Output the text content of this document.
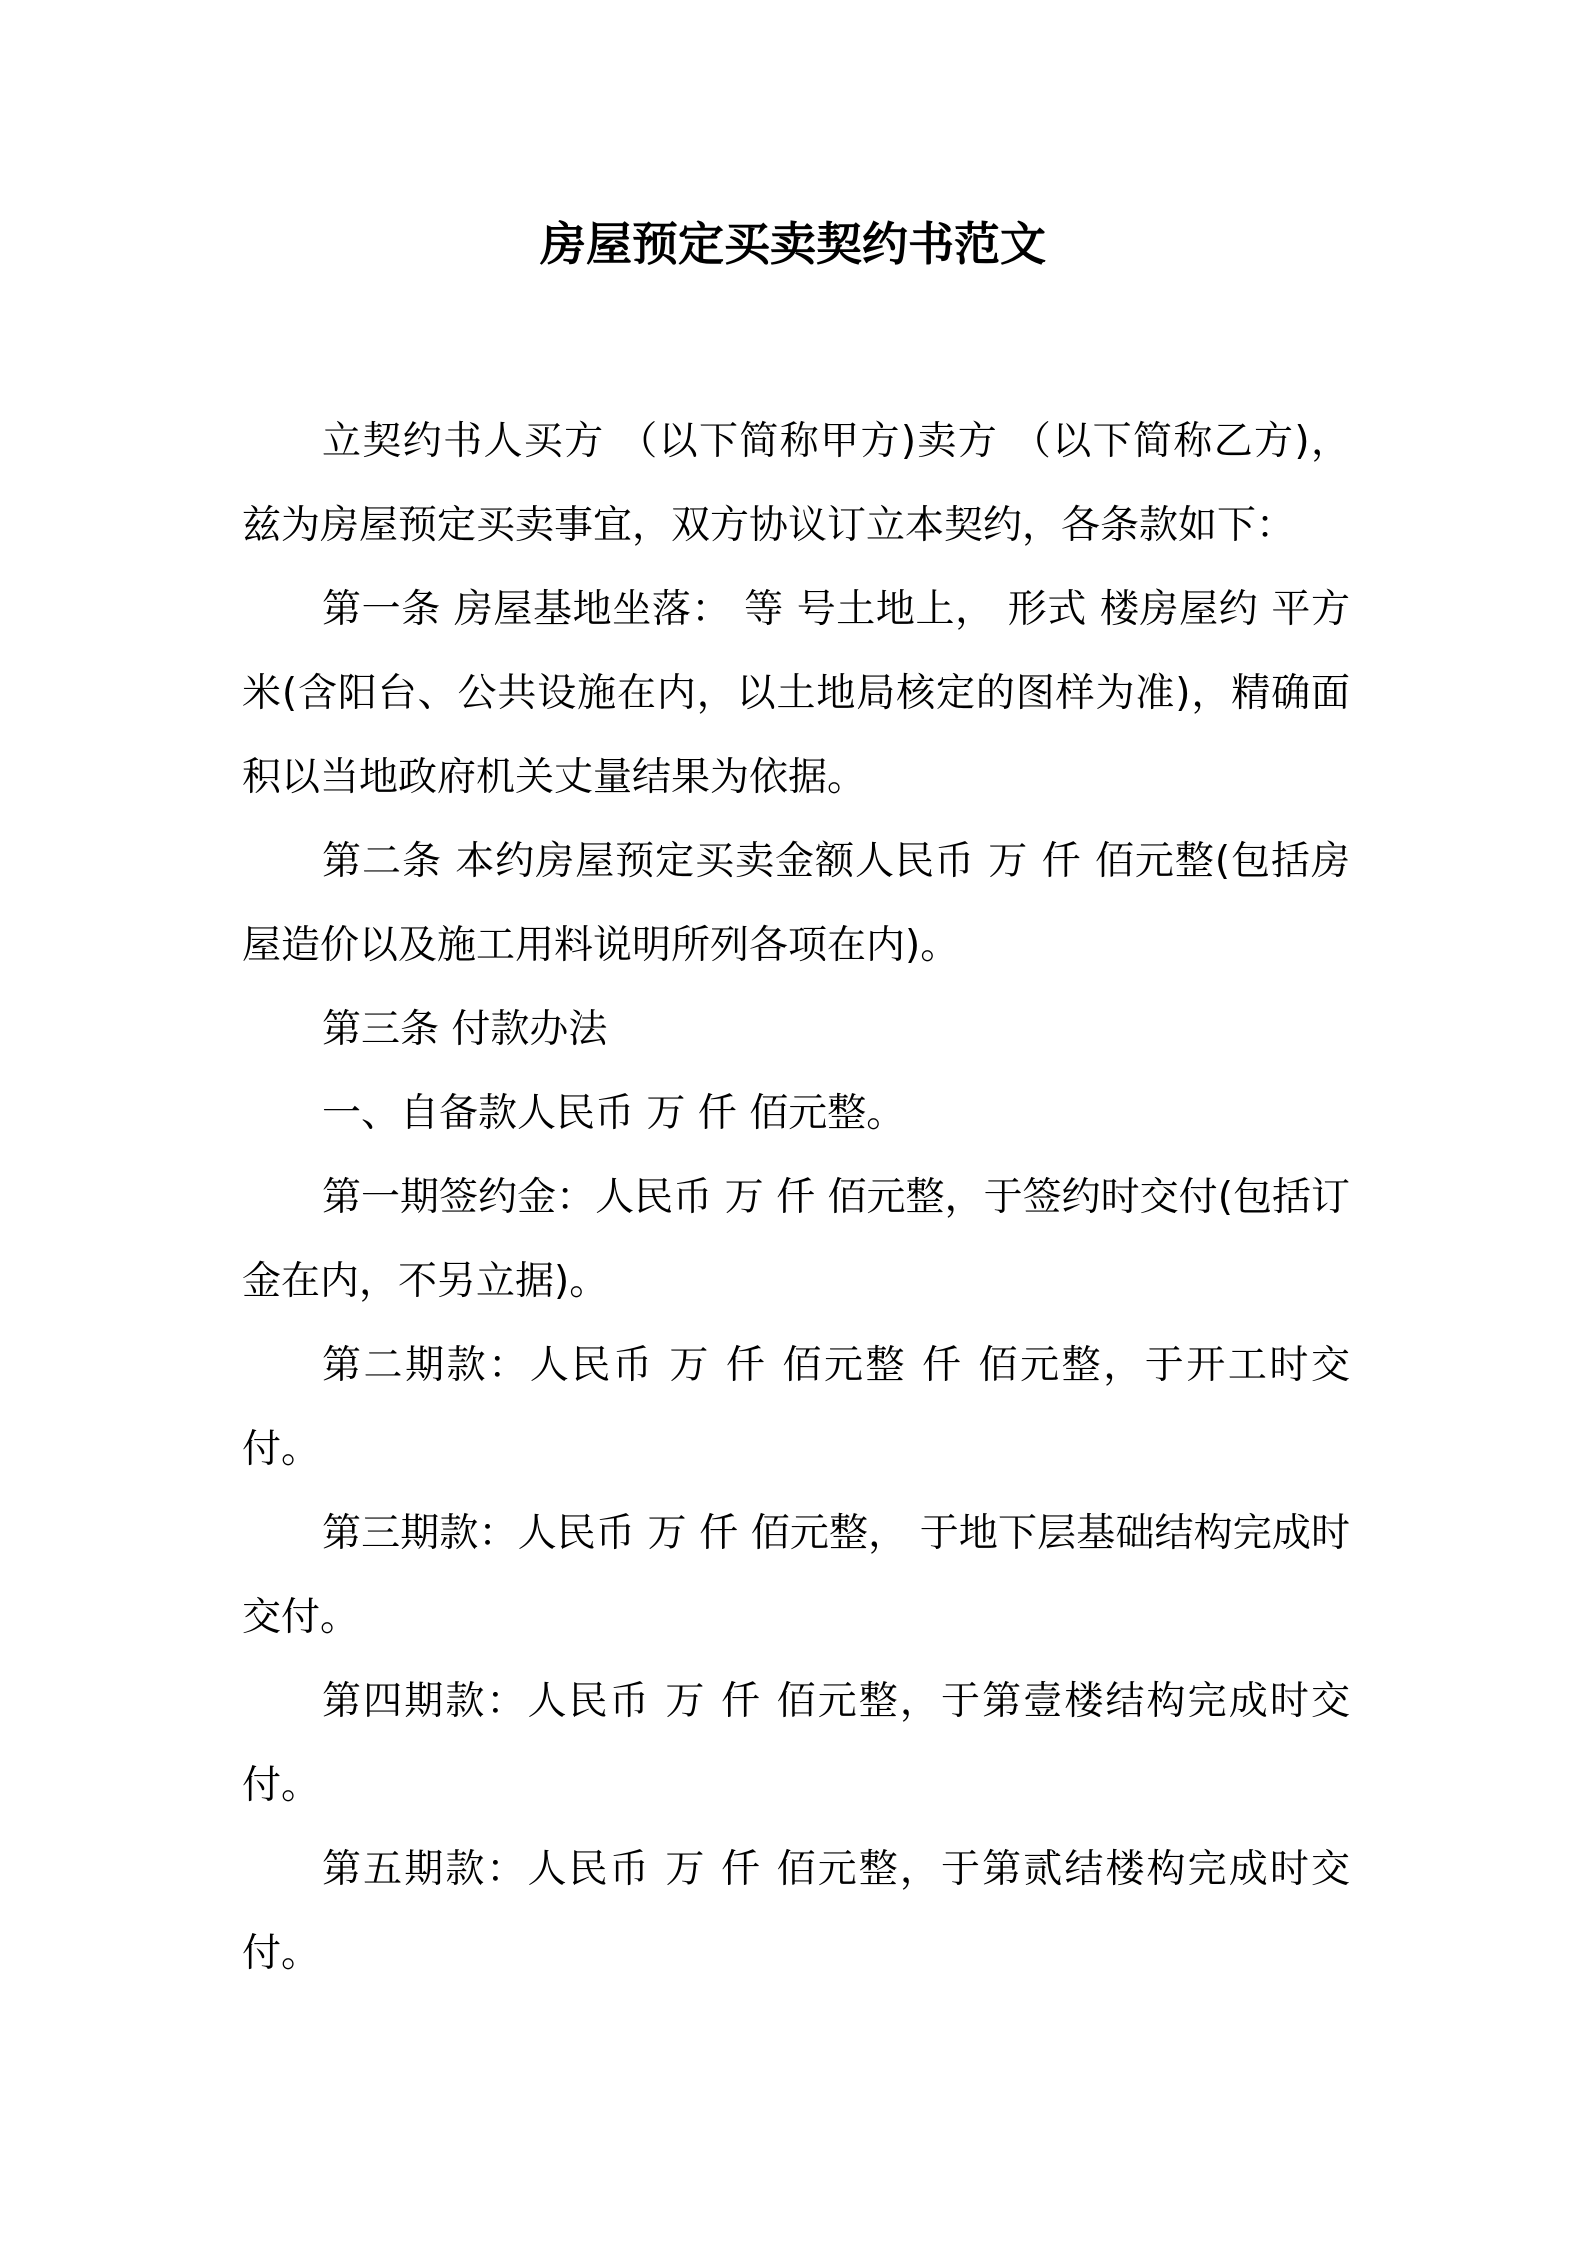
房屋预定买卖契约书范文

立契约书人买方 （以下简称甲方)卖方 （以下简称乙方)，兹为房屋预定买卖事宜，双方协议订立本契约，各条款如下：

第一条 房屋基地坐落： 等 号土地上， 形式 楼房屋约 平方米(含阳台、公共设施在内，以土地局核定的图样为准)，精确面积以当地政府机关丈量结果为依据。

第二条 本约房屋预定买卖金额人民币 万 仟 佰元整(包括房屋造价以及施工用料说明所列各项在内)。

第三条 付款办法

一、自备款人民币 万 仟 佰元整。

第一期签约金：人民币 万 仟 佰元整，于签约时交付(包括订金在内，不另立据)。

第二期款：人民币 万 仟 佰元整 仟 佰元整，于开工时交付。

第三期款：人民币 万 仟 佰元整， 于地下层基础结构完成时交付。

第四期款：人民币 万 仟 佰元整，于第壹楼结构完成时交付。

第五期款：人民币 万 仟 佰元整，于第贰结楼构完成时交付。
